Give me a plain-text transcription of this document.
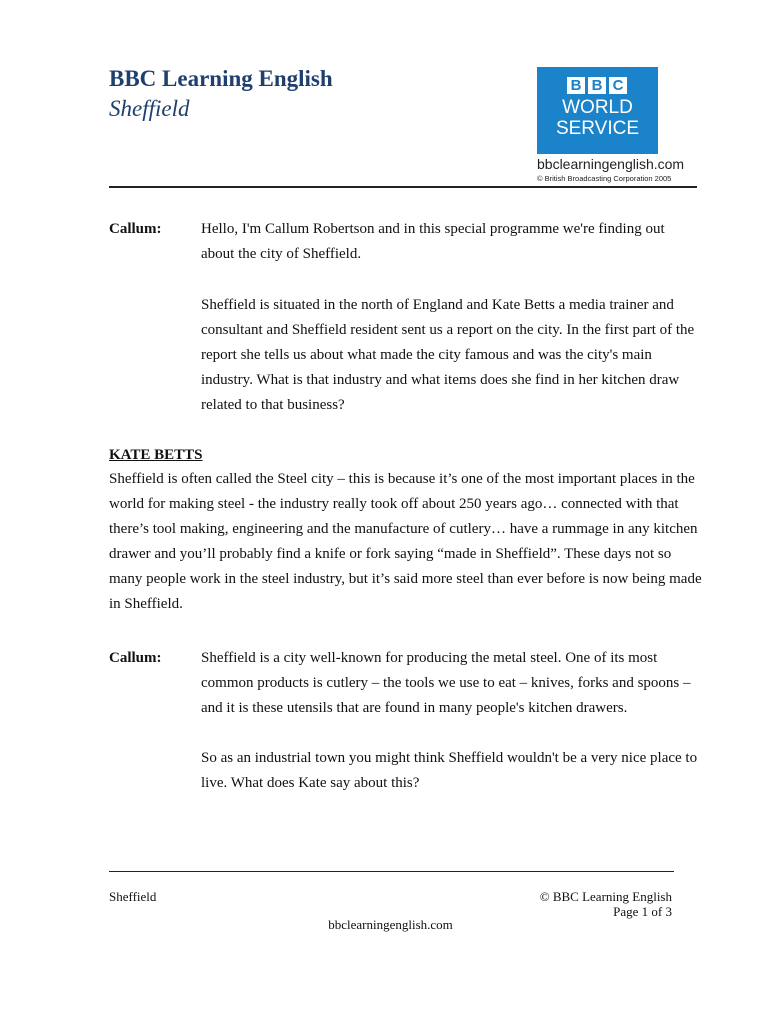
BBC Learning English
Sheffield
B B C
WORLD
SERVICE
bbclearningenglish.com
© British Broadcasting Corporation 2005
Callum:	Hello, I'm Callum Robertson and in this special programme we're finding out about the city of Sheffield.
Sheffield is situated in the north of England and Kate Betts a media trainer and consultant and Sheffield resident sent us a report on the city. In the first part of the report she tells us about what made the city famous and was the city's main industry. What is that industry and what items does she find in her kitchen draw related to that business?
KATE BETTS
Sheffield is often called the Steel city – this is because it’s one of the most important places in the world for making steel - the industry really took off about 250 years ago… connected with that there’s tool making, engineering and the manufacture of cutlery… have a rummage in any kitchen drawer and you’ll probably find a knife or fork saying “made in Sheffield”. These days not so many people work in the steel industry, but it’s said more steel than ever before is now being made in Sheffield.
Callum:	Sheffield is a city well-known for producing the metal steel. One of its most common products is cutlery – the tools we use to eat – knives, forks and spoons – and it is these utensils that are found in many people's kitchen drawers.
So as an industrial town you might think Sheffield wouldn't be a very nice place to live. What does Kate say about this?
Sheffield	© BBC Learning English
Page 1 of 3
bbclearningenglish.com
